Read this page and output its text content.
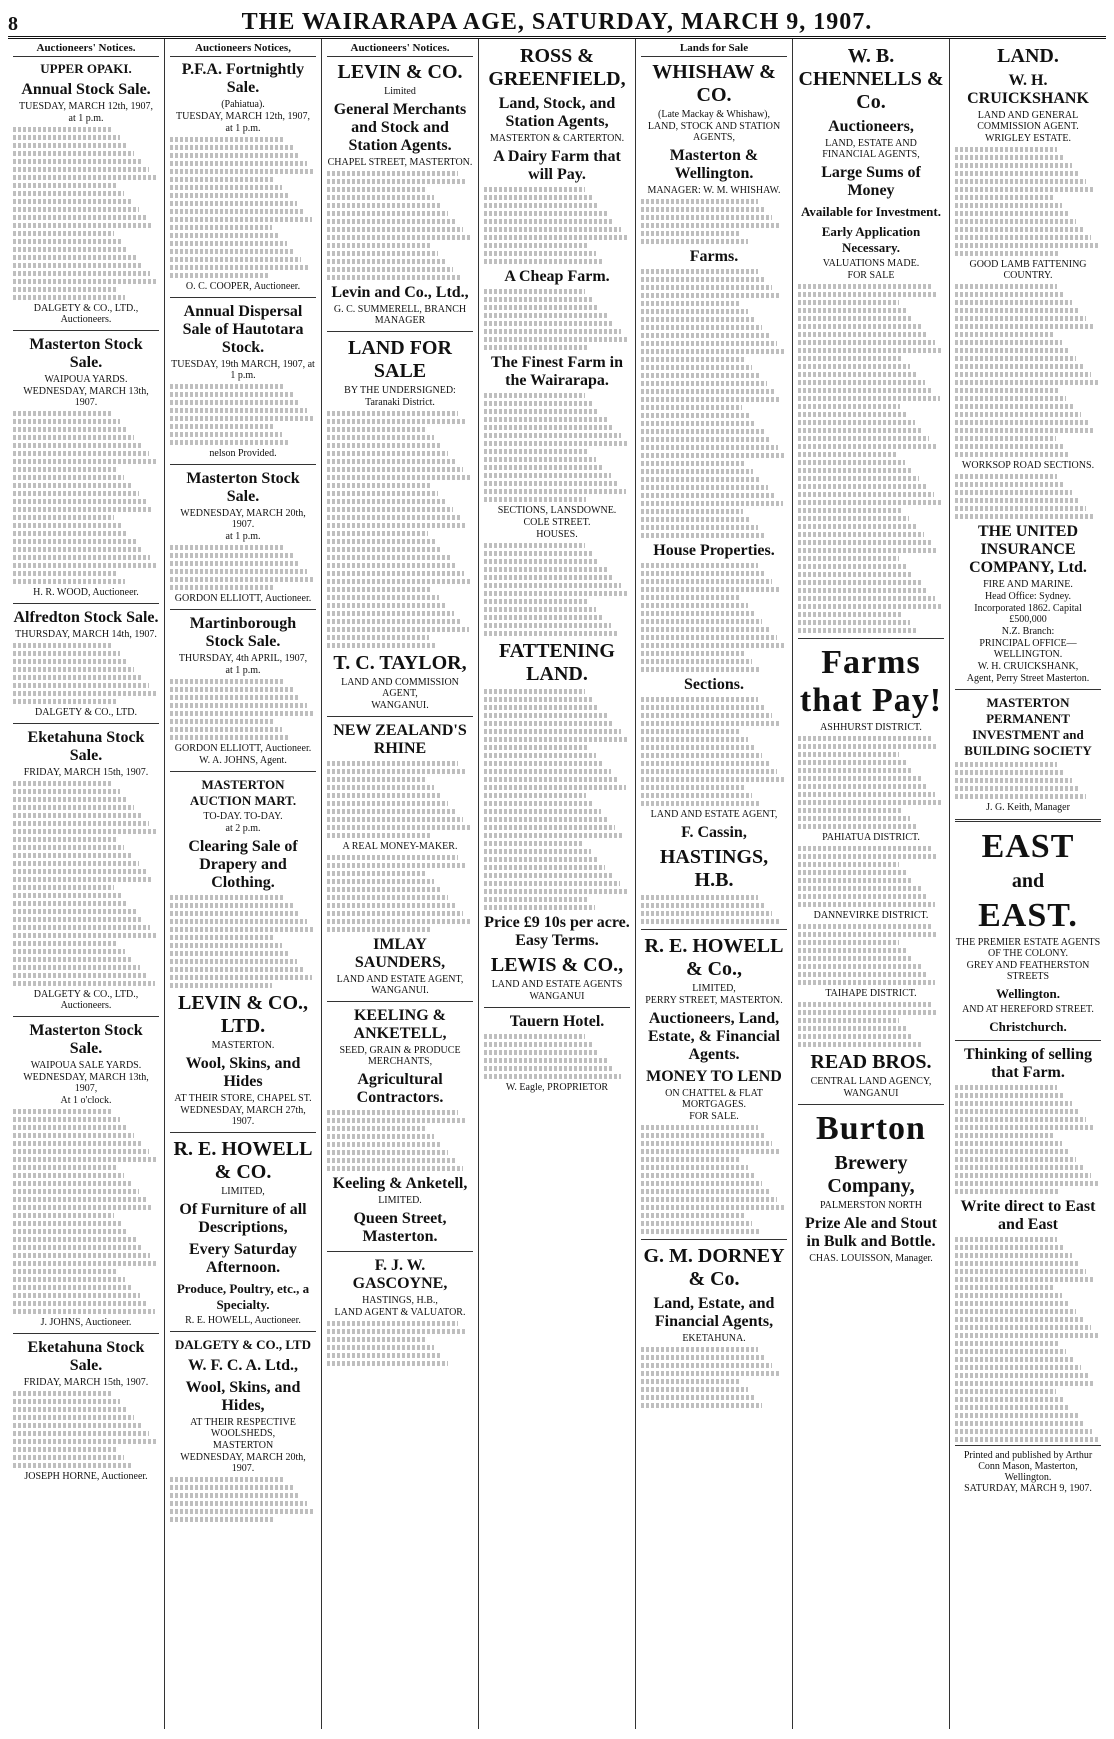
8	THE WAIRARAPA AGE, SATURDAY, MARCH 9, 1907.
Auctioneers' Notices.
UPPER OPAKI.
Annual Stock Sale.
TUESDAY, MARCH 12th, 1907,
at 1 p.m.
DALGETY & CO., LTD., Auctioneers.
Masterton Stock Sale.
WAIPOUA YARDS.
WEDNESDAY, MARCH 13th, 1907.
H. R. WOOD, Auctioneer.
Alfredton Stock Sale.
THURSDAY, MARCH 14th, 1907.
DALGETY & CO., LTD.
Eketahuna Stock Sale.
FRIDAY, MARCH 15th, 1907.
DALGETY & CO., LTD., Auctioneers.
Masterton Stock Sale.
WAIPOUA SALE YARDS.
WEDNESDAY, MARCH 13th, 1907,
At 1 o'clock.
J. JOHNS, Auctioneer.
Eketahuna Stock Sale.
FRIDAY, MARCH 15th, 1907.
JOSEPH HORNE, Auctioneer.
Auctioneers Notices,
P.F.A. Fortnightly Sale.
(Pahiatua).
TUESDAY, MARCH 12th, 1907,
at 1 p.m.
O. C. COOPER, Auctioneer.
Annual Dispersal Sale of Hautotara Stock.
TUESDAY, 19th MARCH, 1907, at 1 p.m.
nelson Provided.
Masterton Stock Sale.
WEDNESDAY, MARCH 20th, 1907.
at 1 p.m.
GORDON ELLIOTT, Auctioneer.
Martinborough Stock Sale.
THURSDAY, 4th APRIL, 1907,
at 1 p.m.
GORDON ELLIOTT, Auctioneer.
W. A. JOHNS, Agent.
MASTERTON AUCTION MART.
TO-DAY. TO-DAY.
at 2 p.m.
Clearing Sale of Drapery and Clothing.
LEVIN & CO., LTD.
MASTERTON.
Wool, Skins, and Hides
AT THEIR STORE, CHAPEL ST.
WEDNESDAY, MARCH 27th, 1907.
R. E. HOWELL & CO.
LIMITED,
Of Furniture of all Descriptions,
Every Saturday Afternoon.
Produce, Poultry, etc., a Specialty.
R. E. HOWELL, Auctioneer.
DALGETY & CO., LTD
W. F. C. A. Ltd.,
Wool, Skins, and Hides,
AT THEIR RESPECTIVE WOOLSHEDS,
MASTERTON
WEDNESDAY, MARCH 20th, 1907.
Auctioneers' Notices.
LEVIN & CO.
Limited
General Merchants and Stock and Station Agents.
CHAPEL STREET, MASTERTON.
Levin and Co., Ltd.,
G. C. SUMMERELL, BRANCH MANAGER
LAND FOR SALE
BY THE UNDERSIGNED:
Taranaki District.
T. C. TAYLOR,
LAND AND COMMISSION AGENT,
WANGANUI.
NEW ZEALAND'S RHINE
A REAL MONEY-MAKER.
IMLAY SAUNDERS,
LAND AND ESTATE AGENT, WANGANUI.
KEELING & ANKETELL,
SEED, GRAIN & PRODUCE MERCHANTS,
Agricultural Contractors.
Keeling & Anketell,
LIMITED.
Queen Street, Masterton.
F. J. W. GASCOYNE,
HASTINGS, H.B.,
LAND AGENT & VALUATOR.
ROSS & GREENFIELD,
Land, Stock, and Station Agents,
MASTERTON & CARTERTON.
A Dairy Farm that will Pay.
A Cheap Farm.
The Finest Farm in the Wairarapa.
SECTIONS, LANSDOWNE.
COLE STREET.
HOUSES.
FATTENING LAND.
Price £9 10s per acre. Easy Terms.
LEWIS & CO.,
LAND AND ESTATE AGENTS
WANGANUI
Tauern Hotel.
W. Eagle, PROPRIETOR
Lands for Sale
WHISHAW & CO.
(Late Mackay & Whishaw),
LAND, STOCK AND STATION AGENTS,
Masterton & Wellington.
MANAGER: W. M. WHISHAW.
Farms.
House Properties.
Sections.
LAND AND ESTATE AGENT,
F. Cassin,
HASTINGS, H.B.
R. E. HOWELL & Co.,
LIMITED,
PERRY STREET, MASTERTON.
Auctioneers, Land, Estate, & Financial Agents.
MONEY TO LEND
ON CHATTEL & FLAT MORTGAGES.
FOR SALE.
G. M. DORNEY & Co.
Land, Estate, and Financial Agents,
EKETAHUNA.
W. B. CHENNELLS & Co.
Auctioneers,
LAND, ESTATE AND FINANCIAL AGENTS,
Large Sums of Money
Available for Investment.
Early Application Necessary.
VALUATIONS MADE.
FOR SALE
Farms that Pay!
ASHHURST DISTRICT.
PAHIATUA DISTRICT.
DANNEVIRKE DISTRICT.
TAIHAPE DISTRICT.
READ BROS.
CENTRAL LAND AGENCY,
WANGANUI
Burton
Brewery Company,
PALMERSTON NORTH
Prize Ale and Stout in Bulk and Bottle.
CHAS. LOUISSON, Manager.
LAND.
W. H. CRUICKSHANK
LAND AND GENERAL COMMISSION AGENT.
WRIGLEY ESTATE.
GOOD LAMB FATTENING COUNTRY.
WORKSOP ROAD SECTIONS.
THE UNITED INSURANCE COMPANY, Ltd.
FIRE AND MARINE.
Head Office: Sydney.
Incorporated 1862. Capital £500,000
N.Z. Branch:
PRINCIPAL OFFICE—WELLINGTON.
W. H. CRUICKSHANK,
Agent, Perry Street Masterton.
MASTERTON PERMANENT INVESTMENT and BUILDING SOCIETY
J. G. Keith, Manager
EAST
and
EAST.
THE PREMIER ESTATE AGENTS OF THE COLONY.
GREY AND FEATHERSTON STREETS
Wellington.
AND AT HEREFORD STREET.
Christchurch.
Thinking of selling that Farm.
Write direct to East and East
Printed and published by Arthur Conn Mason, Masterton, Wellington.
SATURDAY, MARCH 9, 1907.
